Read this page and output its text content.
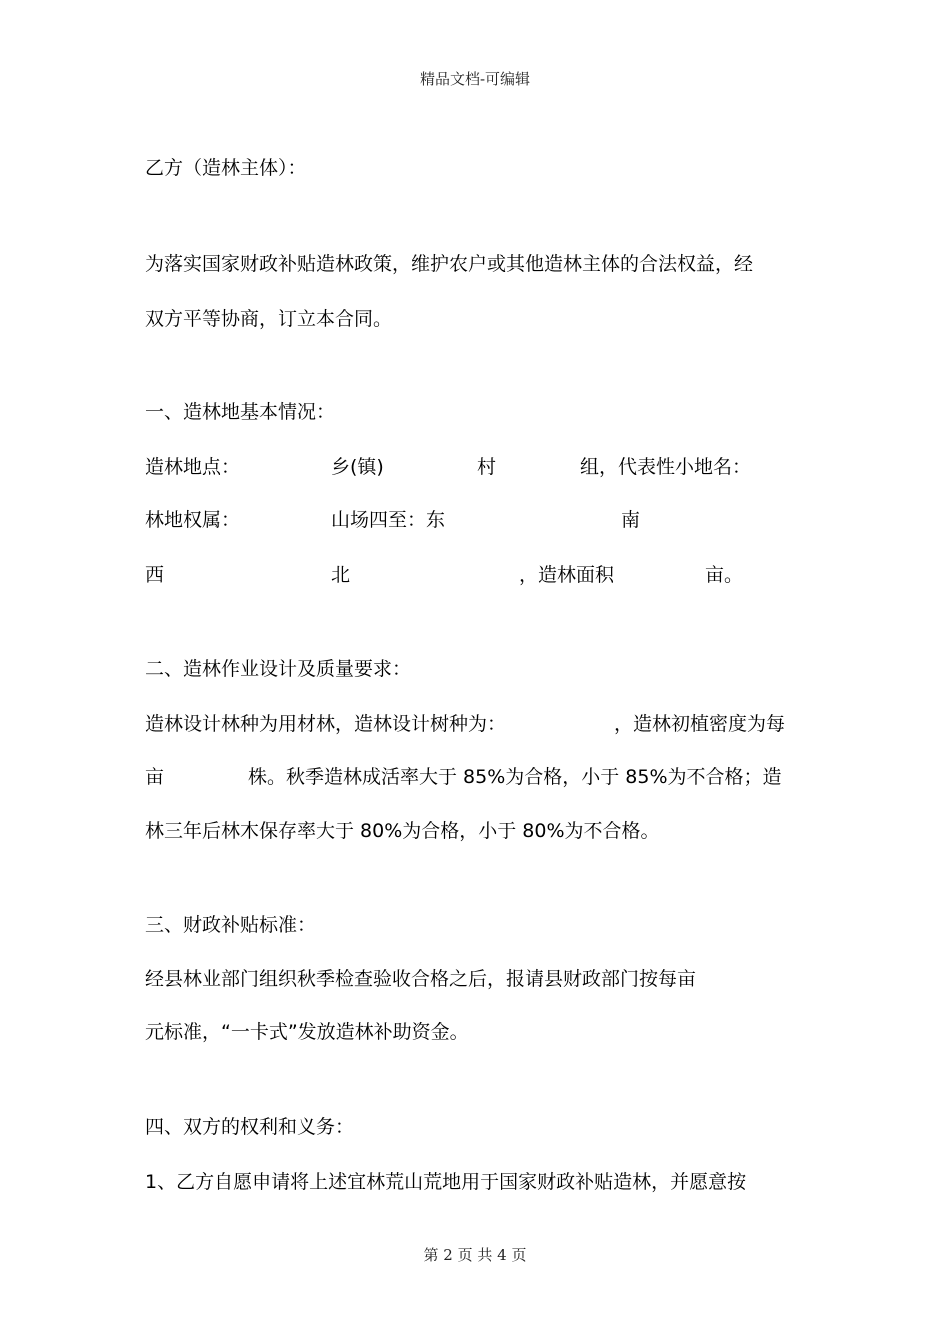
精品文档-可编辑
乙方（造林主体）：
为落实国家财政补贴造林政策，维护农户或其他造林主体的合法权益，经
双方平等协商，订立本合同。
一、造林地基本情况：
造林地点：	乡(镇)	村	组，代表性小地名：
林地权属：	山场四至：东	南
西	北	，造林面积	亩。
二、造林作业设计及质量要求：
造林设计林种为用材林，造林设计树种为：	，造林初植密度为每
亩	株。秋季造林成活率大于 85%为合格，小于 85%为不合格；造
林三年后林木保存率大于 80%为合格，小于 80%为不合格。
三、财政补贴标准：
经县林业部门组织秋季检查验收合格之后，报请县财政部门按每亩
元标准，“一卡式”发放造林补助资金。
四、双方的权利和义务：
1、乙方自愿申请将上述宜林荒山荒地用于国家财政补贴造林，并愿意按
第 2 页 共 4 页
